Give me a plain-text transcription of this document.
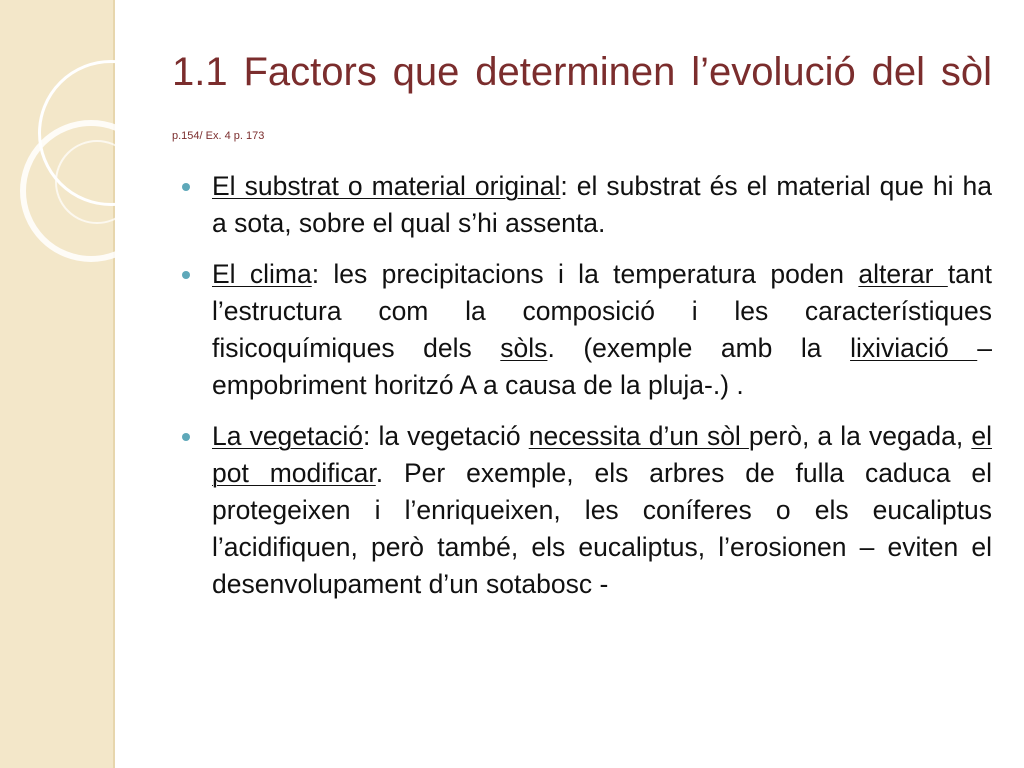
1.1 Factors que determinen l’evolució del sòl p.154/ Ex. 4 p. 173
El substrat o material original: el substrat és el material que hi ha a sota, sobre el qual s’hi assenta.
El clima: les precipitacions i la temperatura poden alterar tant l’estructura com la composició i les característiques fisicoquímiques dels sòls. (exemple amb la lixiviació –empobriment horitzó A a causa de la pluja-.) .
La vegetació: la vegetació necessita d’un sòl però, a la vegada, el pot modificar. Per exemple, els arbres de fulla caduca el protegeixen i l’enriqueixen, les coníferes o els eucaliptus l’acidifiquen, però també, els eucaliptus, l’erosionen – eviten el desenvolupament d’un sotabosc -
